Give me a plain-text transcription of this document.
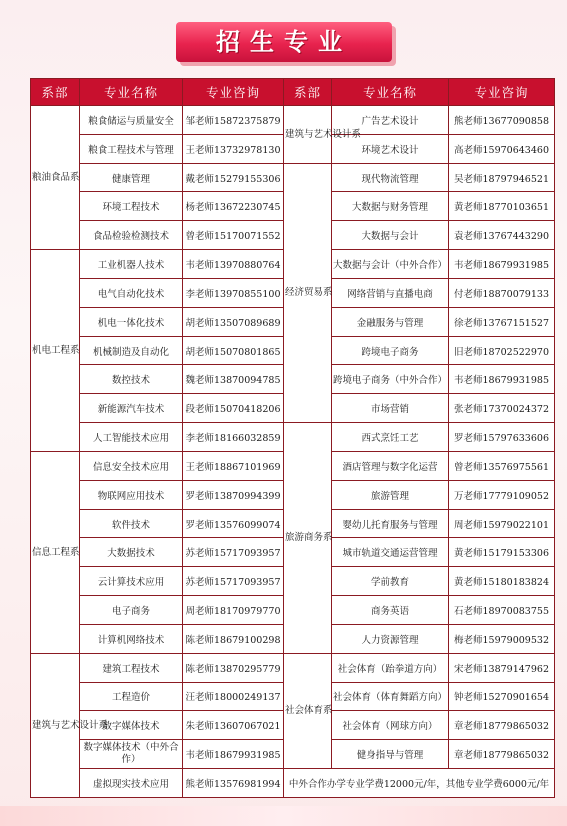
招生专业
系部	专业名称	专业咨询	系部	专业名称	专业咨询
粮油食品系	粮食储运与质量安全	邹老师15872375879	建筑与艺术设计系	广告艺术设计	熊老师13677090858
	粮食工程技术与管理	王老师13732978130		环境艺术设计	高老师15970643460
	健康管理	戴老师15279155306	经济贸易系	现代物流管理	吴老师18797946521
	环境工程技术	杨老师13672230745		大数据与财务管理	黄老师18770103651
	食品检验检测技术	曾老师15170071552		大数据与会计	袁老师13767443290
机电工程系	工业机器人技术	韦老师13970880764		大数据与会计（中外合作）	韦老师18679931985
	电气自动化技术	李老师13970855100		网络营销与直播电商	付老师18870079133
	机电一体化技术	胡老师13507089689		金融服务与管理	徐老师13767151527
	机械制造及自动化	胡老师15070801865		跨境电子商务	旧老师18702522970
	数控技术	魏老师13870094785		跨境电子商务（中外合作）	韦老师18679931985
	新能源汽车技术	段老师15070418206		市场营销	张老师17370024372
	人工智能技术应用	李老师18166032859	旅游商务系	西式烹饪工艺	罗老师15797633606
信息工程系	信息安全技术应用	王老师18867101969		酒店管理与数字化运营	曾老师13576975561
	物联网应用技术	罗老师13870994399		旅游管理	万老师17779109052
	软件技术	罗老师13576099074		婴幼儿托育服务与管理	周老师15979022101
	大数据技术	苏老师15717093957		城市轨道交通运营管理	黄老师15179153306
	云计算技术应用	苏老师15717093957		学前教育	黄老师15180183824
	电子商务	周老师18170979770		商务英语	石老师18970083755
	计算机网络技术	陈老师18679100298		人力资源管理	梅老师15979009532
建筑与艺术设计系	建筑工程技术	陈老师13870295779	社会体育系	社会体育（跆拳道方向）	宋老师13879147962
	工程造价	汪老师18000249137		社会体育（体育舞蹈方向）	钟老师15270901654
	数字媒体技术	朱老师13607067021		社会体育（网球方向）	章老师18779865032
	数字媒体技术（中外合作）	韦老师18679931985		健身指导与管理	章老师18779865032
	虚拟现实技术应用	熊老师13576981994	中外合作办学专业学费12000元/年，其他专业学费6000元/年		
